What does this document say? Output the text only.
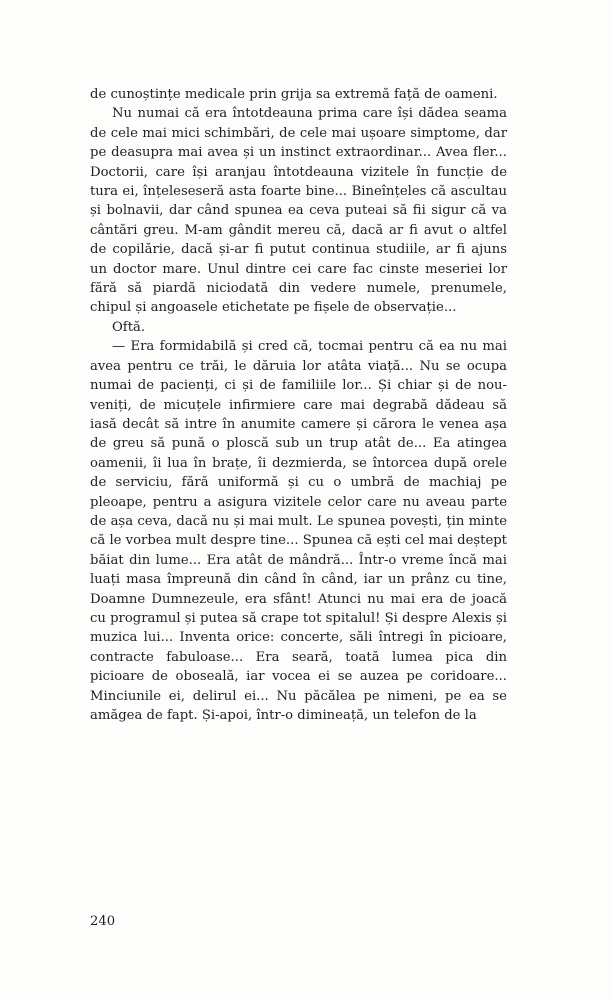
de cunoștințe medicale prin grija sa extremă față de oameni.

Nu numai că era întotdeauna prima care își dădea seama de cele mai mici schimbări, de cele mai ușoare simptome, dar pe deasupra mai avea și un instinct extraordinar... Avea fler... Doctorii, care își aranjau întotdeauna vizitele în funcție de tura ei, înțeleseseră asta foarte bine... Bineînțeles că ascultau și bolnavii, dar când spunea ea ceva puteai să fii sigur că va cântări greu. M-am gândit mereu că, dacă ar fi avut o altfel de copilărie, dacă și-ar fi putut continua studiile, ar fi ajuns un doctor mare. Unul dintre cei care fac cinste meseriei lor fără să piardă niciodată din vedere numele, prenumele, chipul și angoasele etichetate pe fișele de observație...

Oftă.

— Era formidabilă și cred că, tocmai pentru că ea nu mai avea pentru ce trăi, le dăruia lor atâta viață... Nu se ocupa numai de pacienți, ci și de familiile lor... Și chiar și de nou-veniți, de micuțele infirmiere care mai degrabă dădeau să iasă decât să intre în anumite camere și cărora le venea așa de greu să pună o ploscă sub un trup atât de... Ea atingea oamenii, îi lua în brațe, îi dezmierda, se întorcea după orele de serviciu, fără uniformă și cu o umbră de machiaj pe pleoape, pentru a asigura vizitele celor care nu aveau parte de așa ceva, dacă nu și mai mult. Le spunea povești, țin minte că le vorbea mult despre tine... Spunea că ești cel mai deștept băiat din lume... Era atât de mândră... Într-o vreme încă mai luați masa împreună din când în când, iar un prânz cu tine, Doamne Dumnezeule, era sfânt! Atunci nu mai era de joacă cu programul și putea să crape tot spitalul! Și despre Alexis și muzica lui... Inventa orice: concerte, săli întregi în picioare, contracte fabuloase... Era seară, toată lumea pica din picioare de oboseală, iar vocea ei se auzea pe coridoare... Minciunile ei, delirul ei... Nu păcălea pe nimeni, pe ea se amăgea de fapt. Și-apoi, într-o dimineață, un telefon de la

240
